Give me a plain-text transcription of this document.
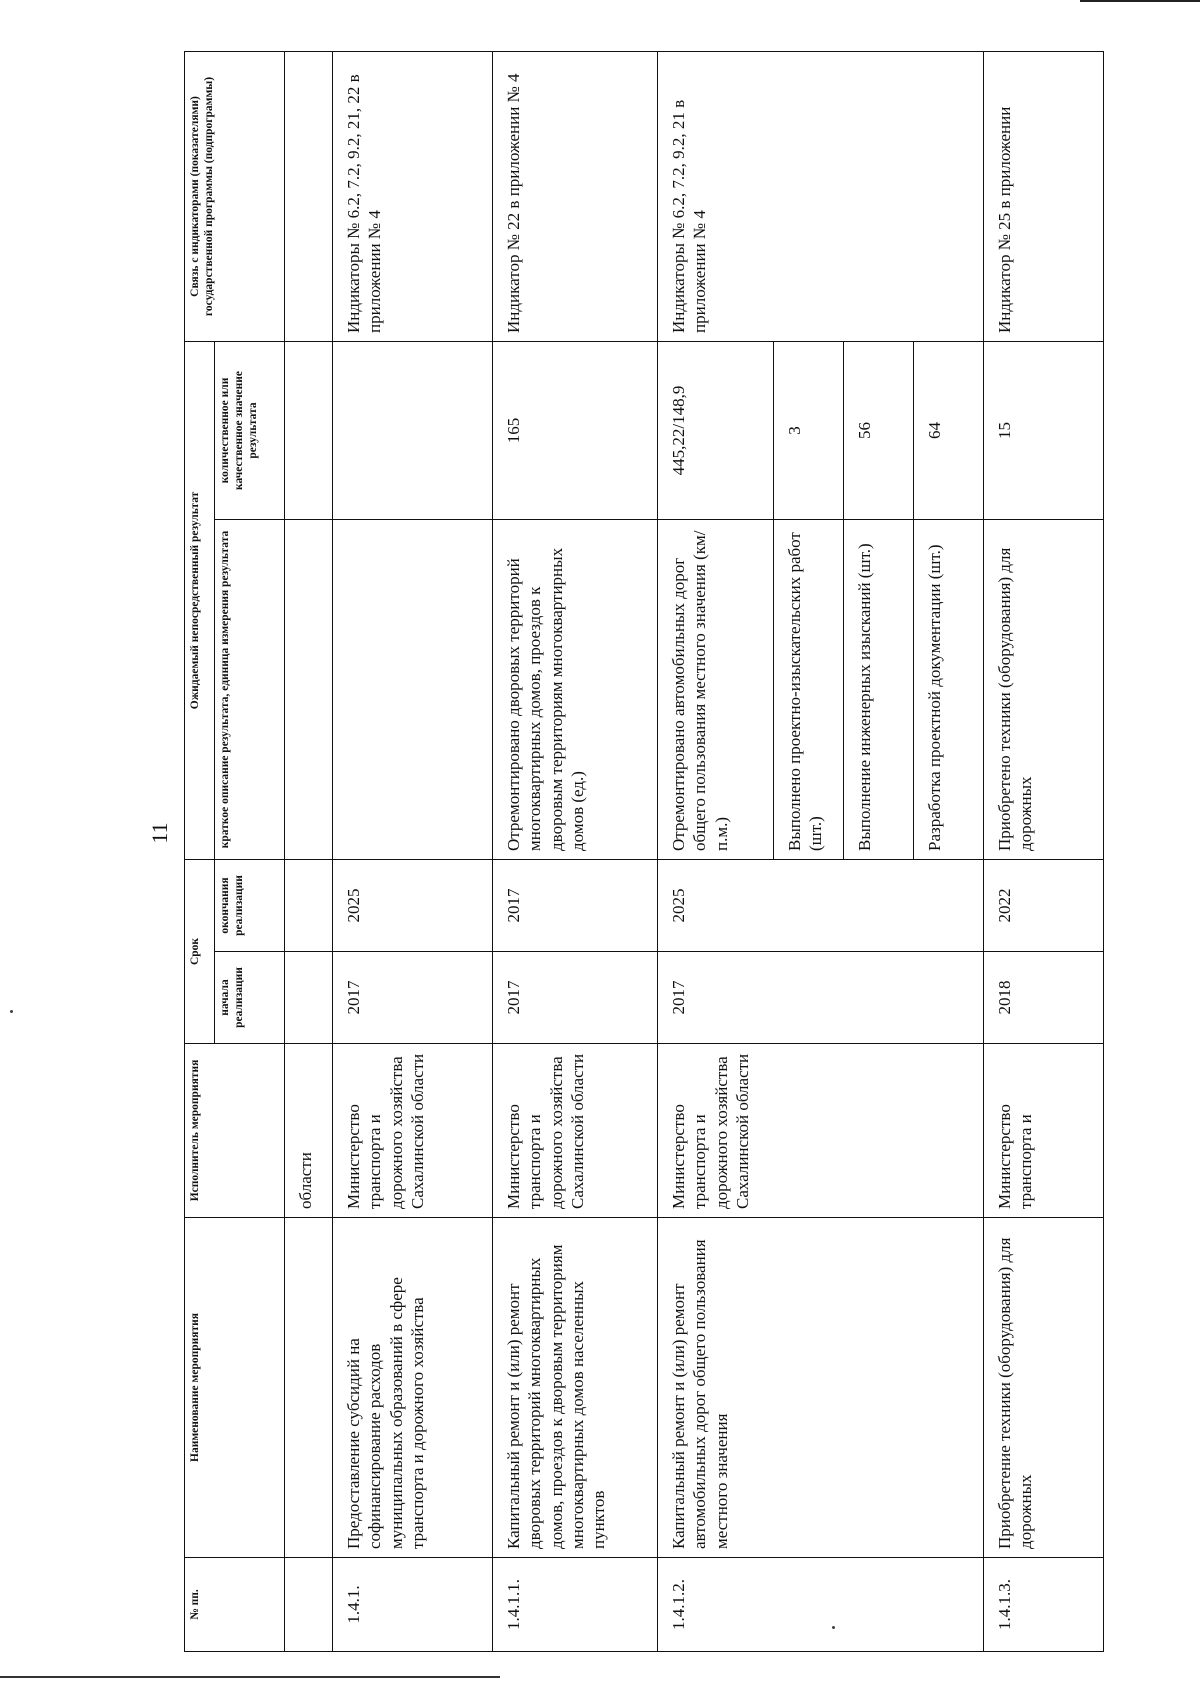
11
№ пп.	Наименование мероприятия	Исполнитель мероприятия	Срок		Ожидаемый непосредственный результат		Связь с индикаторами (показателями) государственной программы (подпрограммы)
			начала реализации	окончания реализации	краткое описание результата, единица измерения результата	количественное или качественное значение результата	
		области					
1.4.1.	Предоставление субсидий на софинансирование расходов муниципальных образований в сфере транспорта и дорожного хозяйства	Министерство транспорта и дорожного хозяйства Сахалинской области	2017	2025			Индикаторы № 6.2, 7.2, 9.2, 21, 22 в приложении № 4
1.4.1.1.	Капитальный ремонт и (или) ремонт дворовых территорий многоквартирных домов, проездов к дворовым территориям многоквартирных домов населенных пунктов	Министерство транспорта и дорожного хозяйства Сахалинской области	2017	2017	Отремонтировано дворовых территорий многоквартирных домов, проездов к дворовым территориям многоквартирных домов (ед.)	165	Индикатор № 22 в приложении № 4
1.4.1.2.	Капитальный ремонт и (или) ремонт автомобильных дорог общего пользования местного значения	Министерство транспорта и дорожного хозяйства Сахалинской области	2017	2025	Отремонтировано автомобильных дорог общего пользования местного значения (км/п.м.)	445,22/148,9	Индикаторы № 6.2, 7.2, 9.2, 21 в приложении № 4
					Выполнено проектно-изыскательских работ (шт.)	3	
					Выполнение инженерных изысканий (шт.)	56	
					Разработка проектной документации (шт.)	64	
1.4.1.3.	Приобретение техники (оборудования) для дорожных	Министерство транспорта и	2018	2022	Приобретено техники (оборудования) для дорожных	15	Индикатор № 25 в приложении
